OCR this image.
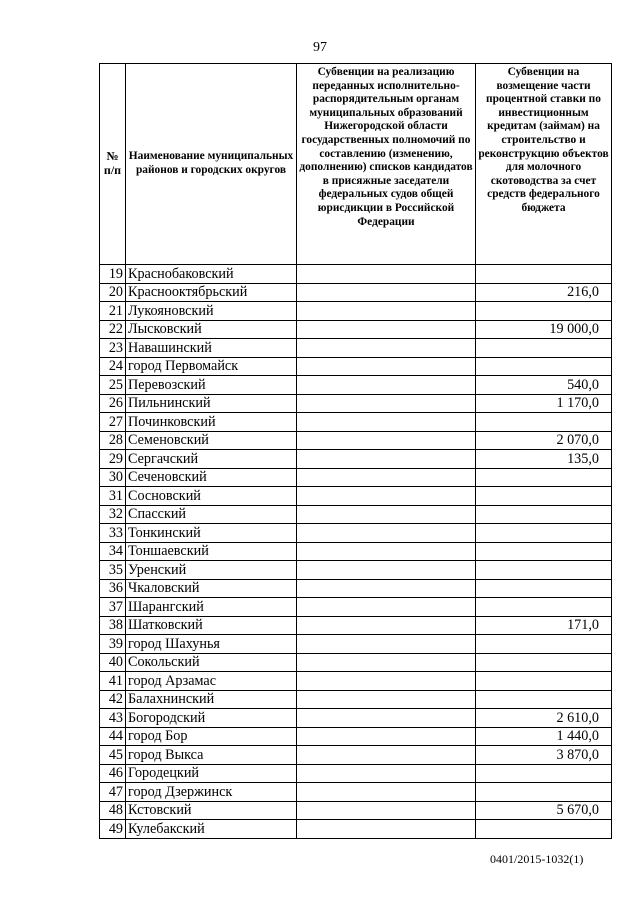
97
№ п/п	Наименование муниципальных районов и городских округов	Субвенции на реализацию переданных исполнительно-распорядительным органам муниципальных образований Нижегородской области государственных полномочий по составлению (изменению, дополнению) списков кандидатов в присяжные заседатели федеральных судов общей юрисдикции в Российской Федерации	Субвенции на возмещение части процентной ставки по инвестиционным кредитам (займам) на строительство и реконструкцию объектов для молочного скотоводства за счет средств федерального бюджета
19	Краснобаковский		
20	Краснооктябрьский		216,0
21	Лукояновский		
22	Лысковский		19 000,0
23	Навашинский		
24	город Первомайск		
25	Перевозский		540,0
26	Пильнинский		1 170,0
27	Починковский		
28	Семеновский		2 070,0
29	Сергачский		135,0
30	Сеченовский		
31	Сосновский		
32	Спасский		
33	Тонкинский		
34	Тоншаевский		
35	Уренский		
36	Чкаловский		
37	Шарангский		
38	Шатковский		171,0
39	город Шахунья		
40	Сокольский		
41	город Арзамас		
42	Балахнинский		
43	Богородский		2 610,0
44	город Бор		1 440,0
45	город Выкса		3 870,0
46	Городецкий		
47	город Дзержинск		
48	Кстовский		5 670,0
49	Кулебакский		
0401/2015-1032(1)
